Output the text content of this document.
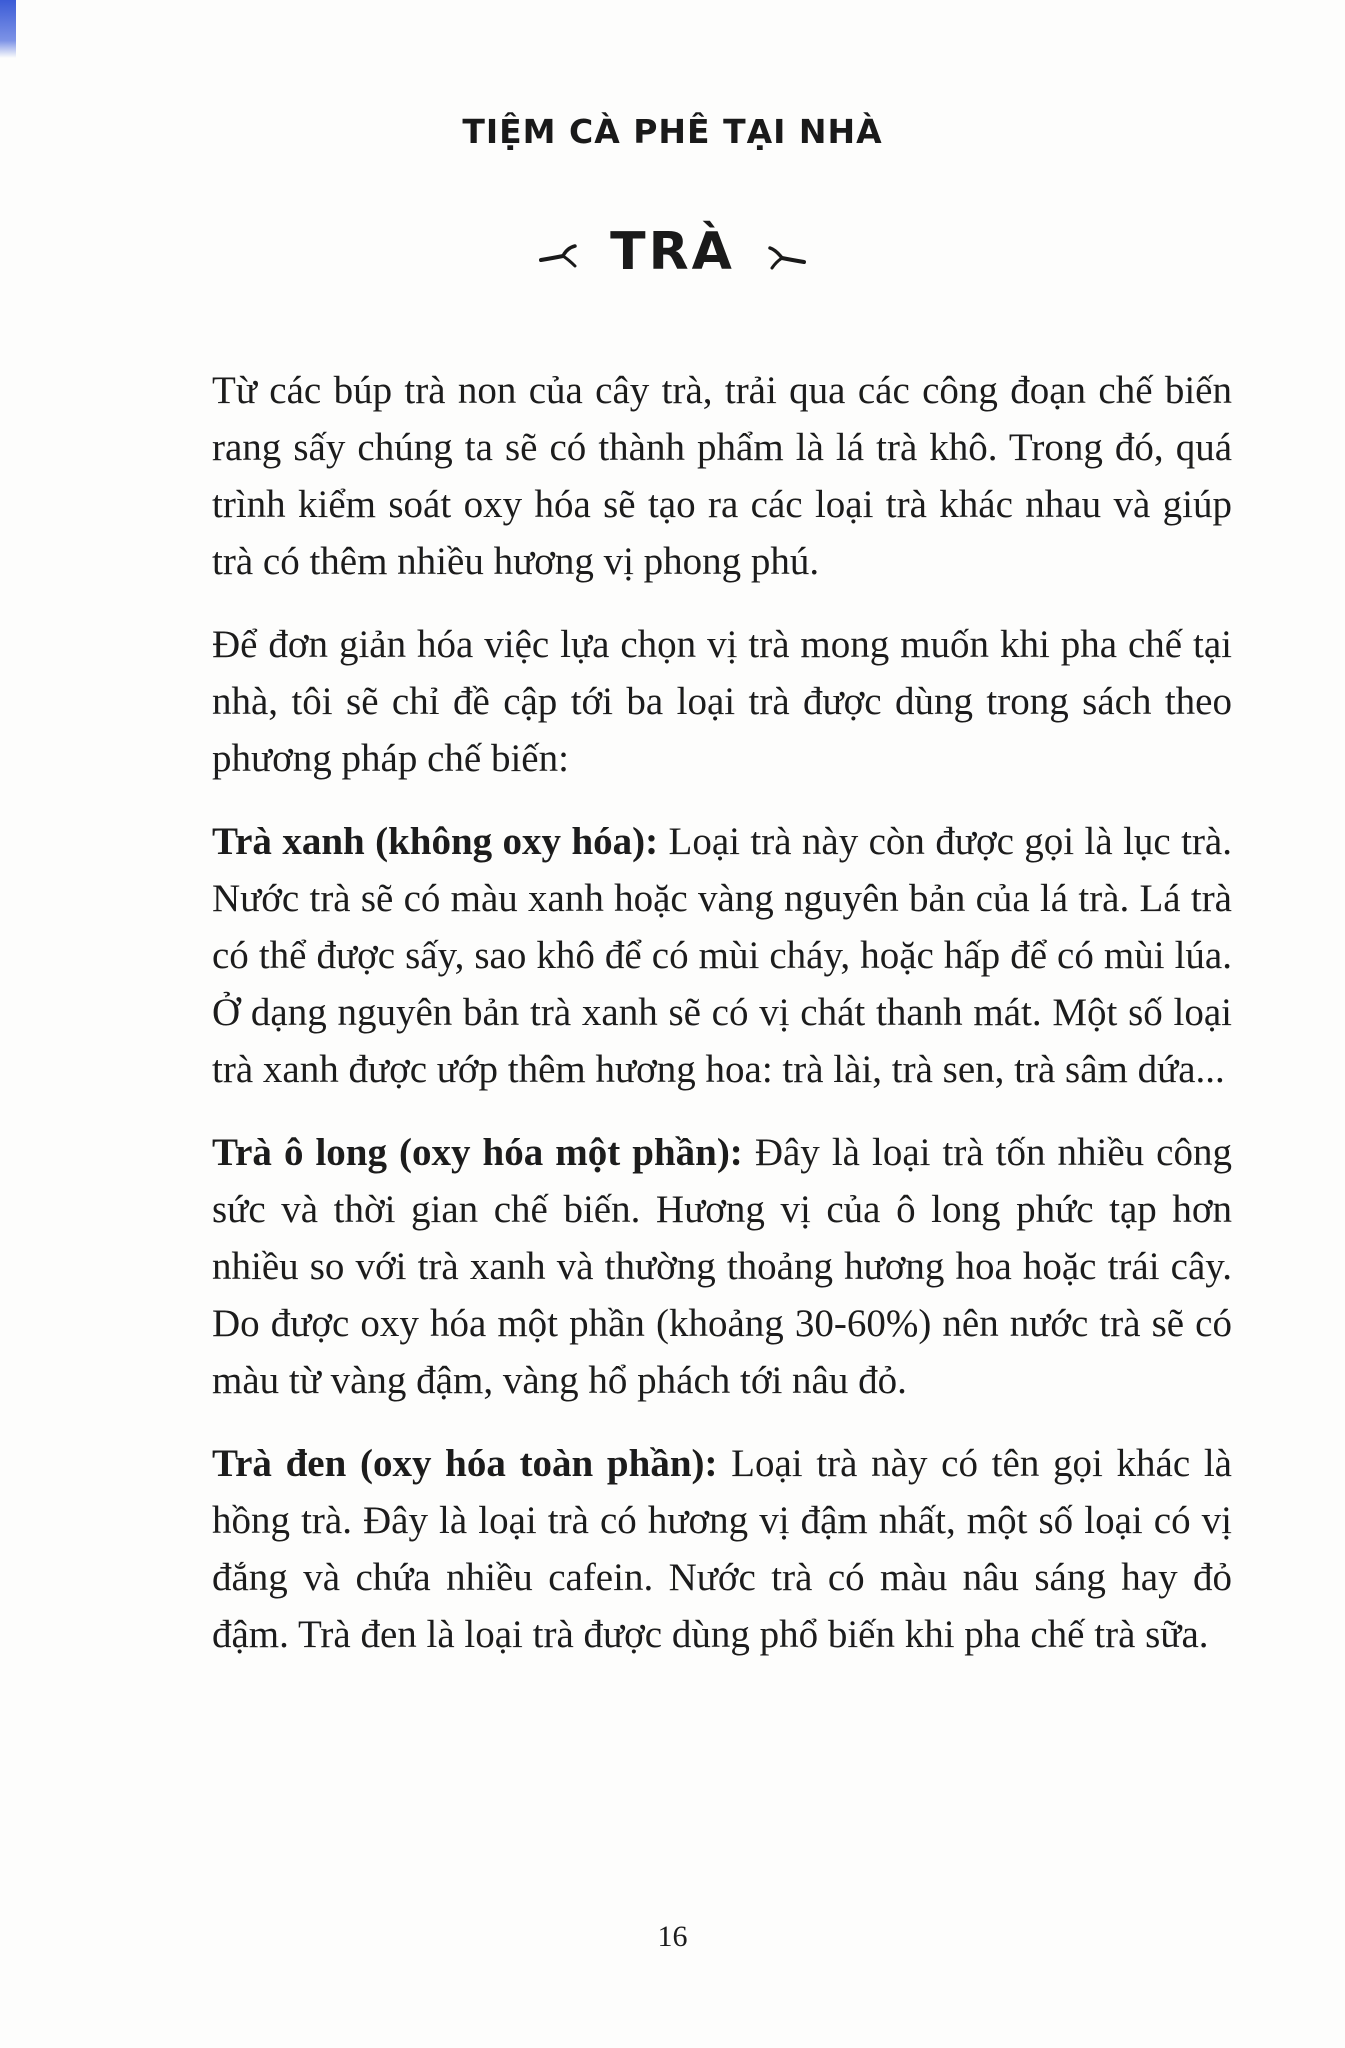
TIỆM CÀ PHÊ TẠI NHÀ
TRÀ

Từ các búp trà non của cây trà, trải qua các công đoạn chế biến rang sấy chúng ta sẽ có thành phẩm là lá trà khô. Trong đó, quá trình kiểm soát oxy hóa sẽ tạo ra các loại trà khác nhau và giúp trà có thêm nhiều hương vị phong phú.

Để đơn giản hóa việc lựa chọn vị trà mong muốn khi pha chế tại nhà, tôi sẽ chỉ đề cập tới ba loại trà được dùng trong sách theo phương pháp chế biến:

Trà xanh (không oxy hóa): Loại trà này còn được gọi là lục trà. Nước trà sẽ có màu xanh hoặc vàng nguyên bản của lá trà. Lá trà có thể được sấy, sao khô để có mùi cháy, hoặc hấp để có mùi lúa. Ở dạng nguyên bản trà xanh sẽ có vị chát thanh mát. Một số loại trà xanh được ướp thêm hương hoa: trà lài, trà sen, trà sâm dứa...

Trà ô long (oxy hóa một phần): Đây là loại trà tốn nhiều công sức và thời gian chế biến. Hương vị của ô long phức tạp hơn nhiều so với trà xanh và thường thoảng hương hoa hoặc trái cây. Do được oxy hóa một phần (khoảng 30-60%) nên nước trà sẽ có màu từ vàng đậm, vàng hổ phách tới nâu đỏ.

Trà đen (oxy hóa toàn phần): Loại trà này có tên gọi khác là hồng trà. Đây là loại trà có hương vị đậm nhất, một số loại có vị đắng và chứa nhiều cafein. Nước trà có màu nâu sáng hay đỏ đậm. Trà đen là loại trà được dùng phổ biến khi pha chế trà sữa.

16
